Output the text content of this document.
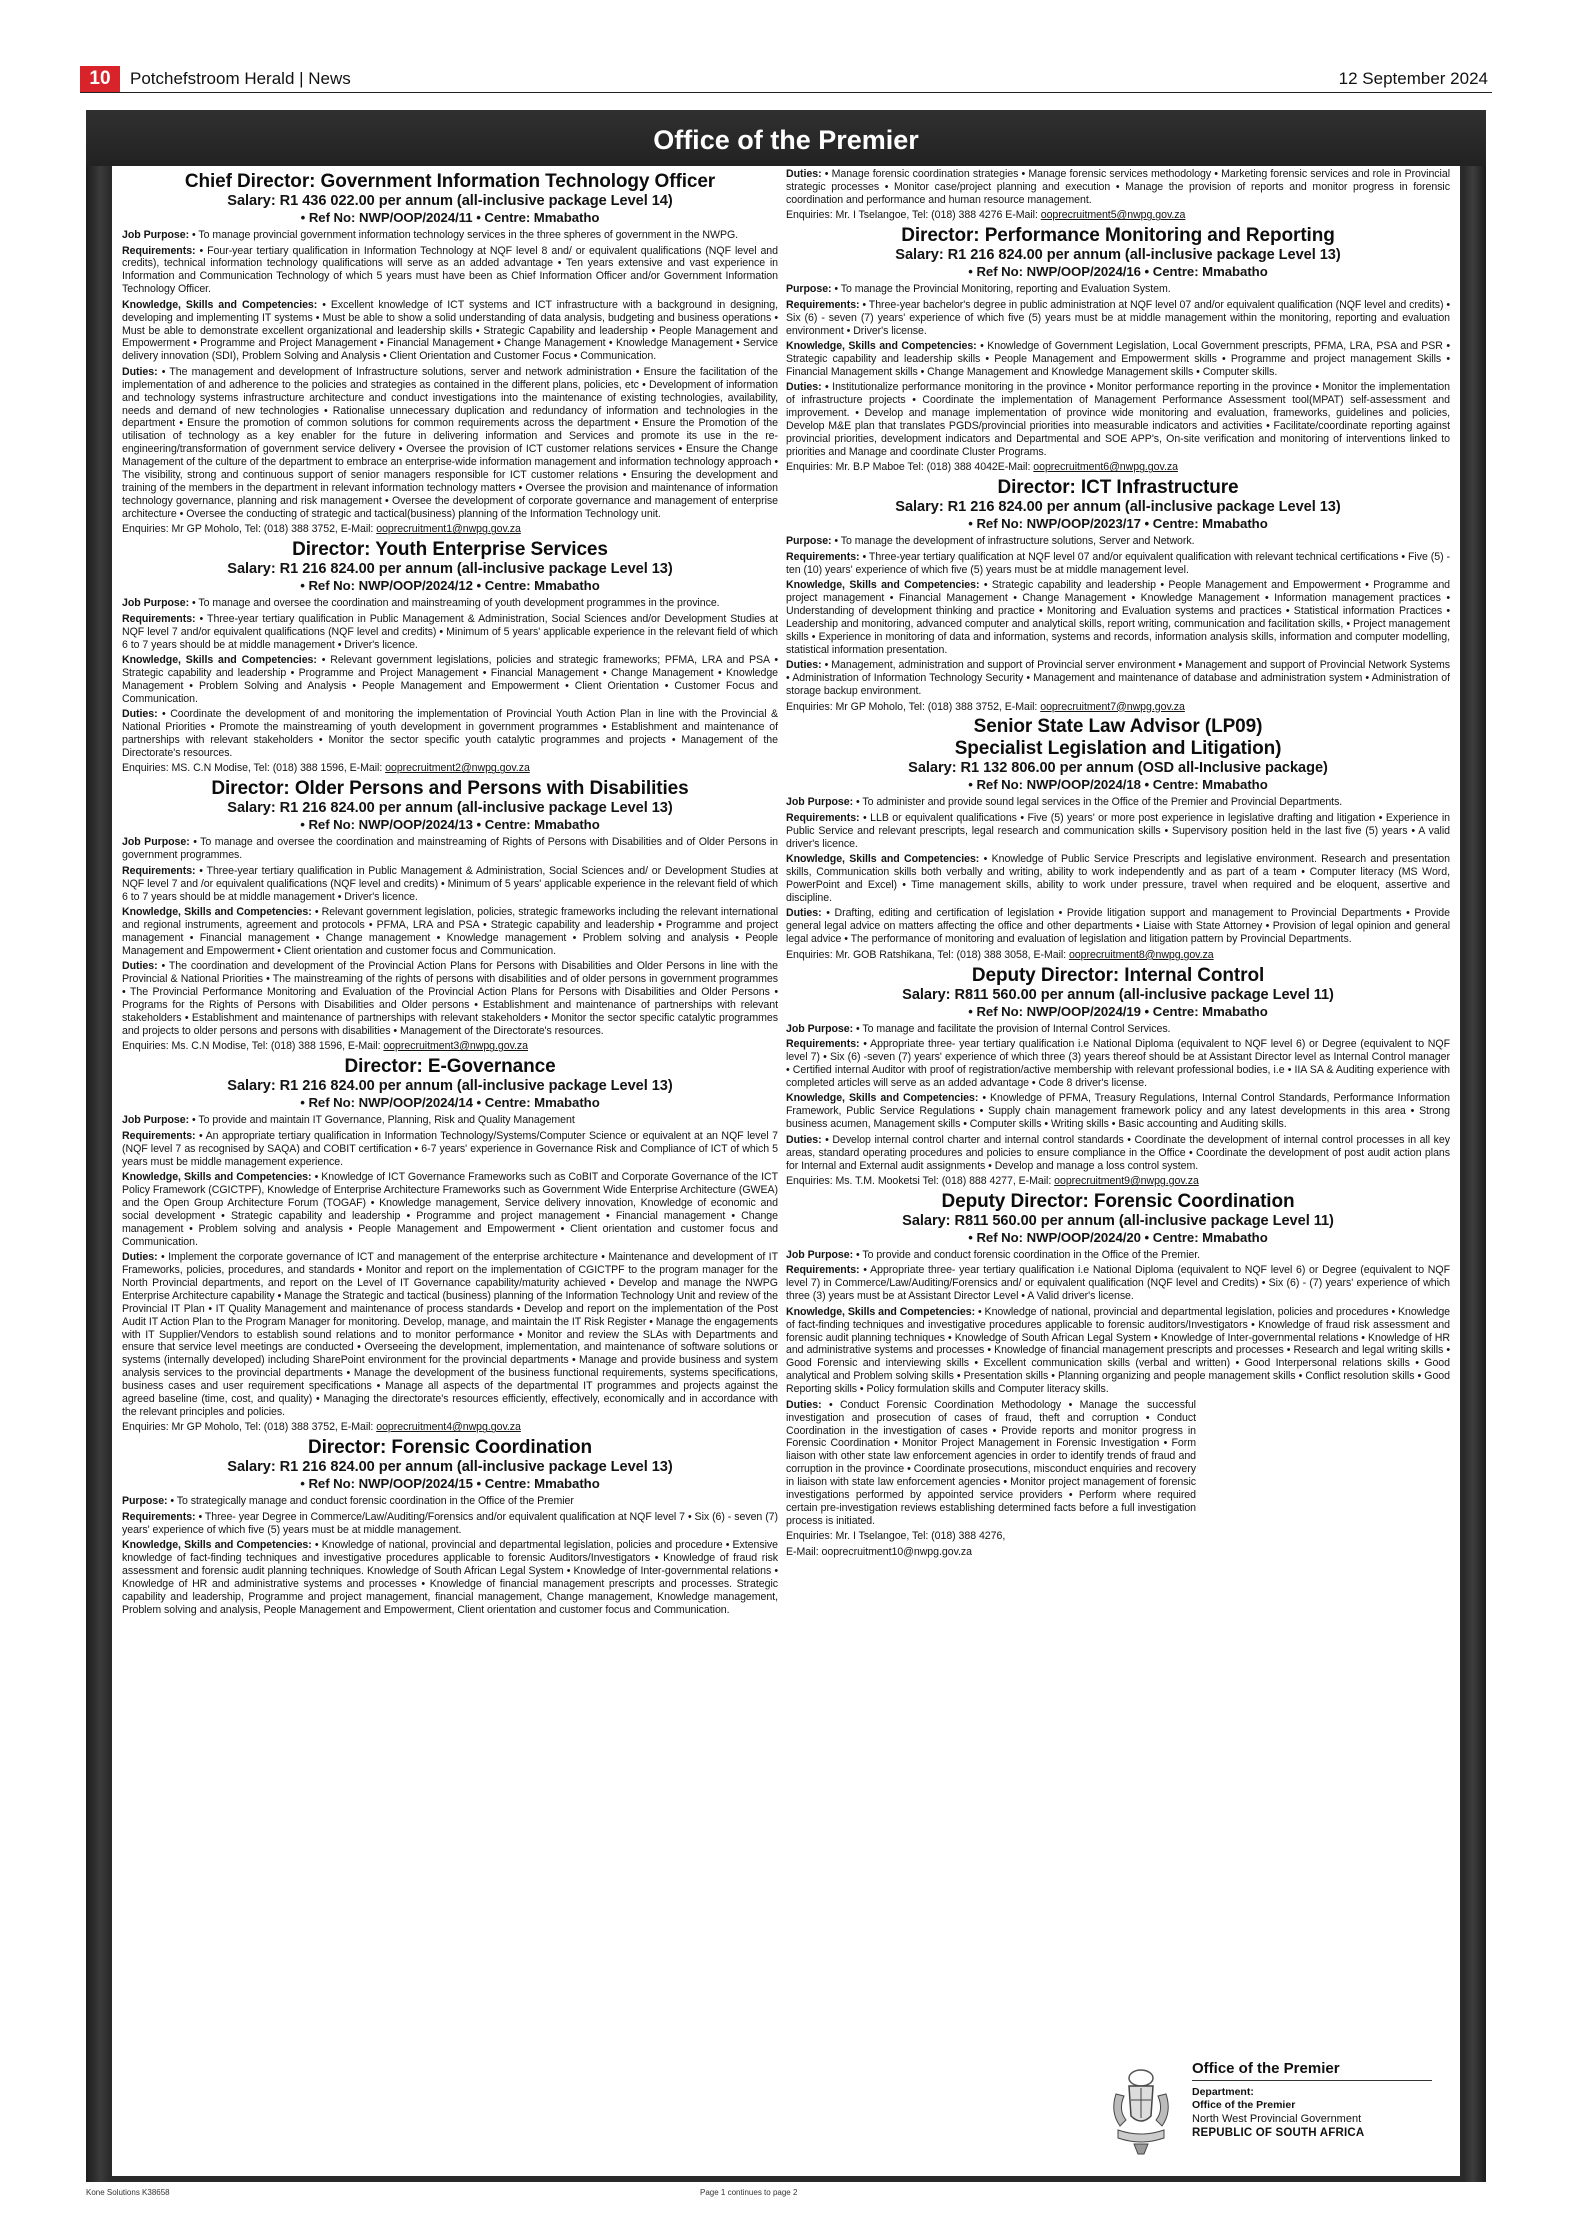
10	Potchefstroom Herald | News	12 September 2024
Office of the Premier
Chief Director: Government Information Technology Officer

Salary: R1 436 022.00 per annum (all-inclusive package Level 14)

• Ref No: NWP/OOP/2024/11 • Centre: Mmabatho

Job Purpose: • To manage provincial government information technology services in the three spheres of government in the NWPG.

Requirements: • Four-year tertiary qualification in Information Technology at NQF level 8 and/ or equivalent qualifications (NQF level and credits), technical information technology qualifications will serve as an added advantage • Ten years extensive and vast experience in Information and Communication Technology of which 5 years must have been as Chief Information Officer and/or Government Information Technology Officer.

Knowledge, Skills and Competencies: • Excellent knowledge of ICT systems and ICT infrastructure with a background in designing, developing and implementing IT systems • Must be able to show a solid understanding of data analysis, budgeting and business operations • Must be able to demonstrate excellent organizational and leadership skills • Strategic Capability and leadership • People Management and Empowerment • Programme and Project Management • Financial Management • Change Management • Knowledge Management • Service delivery innovation (SDI), Problem Solving and Analysis • Client Orientation and Customer Focus • Communication.

Duties: • The management and development of Infrastructure solutions, server and network administration • Ensure the facilitation of the implementation of and adherence to the policies and strategies as contained in the different plans, policies, etc • Development of information and technology systems infrastructure architecture and conduct investigations into the maintenance of existing technologies, availability, needs and demand of new technologies • Rationalise unnecessary duplication and redundancy of information and technologies in the department • Ensure the promotion of common solutions for common requirements across the department • Ensure the Promotion of the utilisation of technology as a key enabler for the future in delivering information and Services and promote its use in the re-engineering/transformation of government service delivery • Oversee the provision of ICT customer relations services • Ensure the Change Management of the culture of the department to embrace an enterprise-wide information management and information technology approach • The visibility, strong and continuous support of senior managers responsible for ICT customer relations • Ensuring the development and training of the members in the department in relevant information technology matters • Oversee the provision and maintenance of information technology governance, planning and risk management • Oversee the development of corporate governance and management of enterprise architecture • Oversee the conducting of strategic and tactical(business) planning of the Information Technology unit.

Enquiries: Mr GP Moholo, Tel: (018) 388 3752, E-Mail: ooprecruitment1@nwpg.gov.za

Director: Youth Enterprise Services

Salary: R1 216 824.00 per annum (all-inclusive package Level 13)

• Ref No: NWP/OOP/2024/12 • Centre: Mmabatho

Job Purpose: • To manage and oversee the coordination and mainstreaming of youth development programmes in the province.

Requirements: • Three-year tertiary qualification in Public Management & Administration, Social Sciences and/or Development Studies at NQF level 7 and/or equivalent qualifications (NQF level and credits) • Minimum of 5 years' applicable experience in the relevant field of which 6 to 7 years should be at middle management • Driver's licence.

Knowledge, Skills and Competencies: • Relevant government legislations, policies and strategic frameworks; PFMA, LRA and PSA • Strategic capability and leadership • Programme and Project Management • Financial Management • Change Management • Knowledge Management • Problem Solving and Analysis • People Management and Empowerment • Client Orientation • Customer Focus and Communication.

Duties: • Coordinate the development of and monitoring the implementation of Provincial Youth Action Plan in line with the Provincial & National Priorities • Promote the mainstreaming of youth development in government programmes • Establishment and maintenance of partnerships with relevant stakeholders • Monitor the sector specific youth catalytic programmes and projects • Management of the Directorate's resources.

Enquiries: MS. C.N Modise, Tel: (018) 388 1596, E-Mail: ooprecruitment2@nwpg.gov.za

Director: Older Persons and Persons with Disabilities

Salary: R1 216 824.00 per annum (all-inclusive package Level 13)

• Ref No: NWP/OOP/2024/13 • Centre: Mmabatho

Job Purpose: • To manage and oversee the coordination and mainstreaming of Rights of Persons with Disabilities and of Older Persons in government programmes.

Requirements: • Three-year tertiary qualification in Public Management & Administration, Social Sciences and/ or Development Studies at NQF level 7 and /or equivalent qualifications (NQF level and credits) • Minimum of 5 years' applicable experience in the relevant field of which 6 to 7 years should be at middle management • Driver's licence.

Knowledge, Skills and Competencies: • Relevant government legislation, policies, strategic frameworks including the relevant international and regional instruments, agreement and protocols • PFMA, LRA and PSA • Strategic capability and leadership • Programme and project management • Financial management • Change management • Knowledge management • Problem solving and analysis • People Management and Empowerment • Client orientation and customer focus and Communication.

Duties: • The coordination and development of the Provincial Action Plans for Persons with Disabilities and Older Persons in line with the Provincial & National Priorities • The mainstreaming of the rights of persons with disabilities and of older persons in government programmes • The Provincial Performance Monitoring and Evaluation of the Provincial Action Plans for Persons with Disabilities and Older Persons • Programs for the Rights of Persons with Disabilities and Older persons • Establishment and maintenance of partnerships with relevant stakeholders • Establishment and maintenance of partnerships with relevant stakeholders • Monitor the sector specific catalytic programmes and projects to older persons and persons with disabilities • Management of the Directorate's resources.

Enquiries: Ms. C.N Modise, Tel: (018) 388 1596, E-Mail: ooprecruitment3@nwpg.gov.za

Director: E-Governance

Salary: R1 216 824.00 per annum (all-inclusive package Level 13)

• Ref No: NWP/OOP/2024/14 • Centre: Mmabatho

Job Purpose: • To provide and maintain IT Governance, Planning, Risk and Quality Management

Requirements: • An appropriate tertiary qualification in Information Technology/Systems/Computer Science or equivalent at an NQF level 7 (NQF level 7 as recognised by SAQA) and COBIT certification • 6-7 years' experience in Governance Risk and Compliance of ICT of which 5 years must be middle management experience.

Knowledge, Skills and Competencies: • Knowledge of ICT Governance Frameworks such as CoBIT and Corporate Governance of the ICT Policy Framework (CGICTPF), Knowledge of Enterprise Architecture Frameworks such as Government Wide Enterprise Architecture (GWEA) and the Open Group Architecture Forum (TOGAF) • Knowledge management, Service delivery innovation, Knowledge of economic and social development • Strategic capability and leadership • Programme and project management • Financial management • Change management • Problem solving and analysis • People Management and Empowerment • Client orientation and customer focus and Communication.

Duties: • Implement the corporate governance of ICT and management of the enterprise architecture • Maintenance and development of IT Frameworks, policies, procedures, and standards • Monitor and report on the implementation of CGICTPF to the program manager for the North Provincial departments, and report on the Level of IT Governance capability/maturity achieved • Develop and manage the NWPG Enterprise Architecture capability • Manage the Strategic and tactical (business) planning of the Information Technology Unit and review of the Provincial IT Plan • IT Quality Management and maintenance of process standards • Develop and report on the implementation of the Post Audit IT Action Plan to the Program Manager for monitoring. Develop, manage, and maintain the IT Risk Register • Manage the engagements with IT Supplier/Vendors to establish sound relations and to monitor performance • Monitor and review the SLAs with Departments and ensure that service level meetings are conducted • Overseeing the development, implementation, and maintenance of software solutions or systems (internally developed) including SharePoint environment for the provincial departments • Manage and provide business and system analysis services to the provincial departments • Manage the development of the business functional requirements, systems specifications, business cases and user requirement specifications • Manage all aspects of the departmental IT programmes and projects against the agreed baseline (time, cost, and quality) • Managing the directorate's resources efficiently, effectively, economically and in accordance with the relevant principles and policies.

Enquiries: Mr GP Moholo, Tel: (018) 388 3752, E-Mail: ooprecruitment4@nwpg.gov.za

Director: Forensic Coordination

Salary: R1 216 824.00 per annum (all-inclusive package Level 13)

• Ref No: NWP/OOP/2024/15 • Centre: Mmabatho

Purpose: • To strategically manage and conduct forensic coordination in the Office of the Premier

Requirements: • Three- year Degree in Commerce/Law/Auditing/Forensics and/or equivalent qualification at NQF level 7 • Six (6) - seven (7) years' experience of which five (5) years must be at middle management.

Knowledge, Skills and Competencies: • Knowledge of national, provincial and departmental legislation, policies and procedure • Extensive knowledge of fact-finding techniques and investigative procedures applicable to forensic Auditors/Investigators • Knowledge of fraud risk assessment and forensic audit planning techniques. Knowledge of South African Legal System • Knowledge of Inter-governmental relations • Knowledge of HR and administrative systems and processes • Knowledge of financial management prescripts and processes. Strategic capability and leadership, Programme and project management, financial management, Change management, Knowledge management, Problem solving and analysis, People Management and Empowerment, Client orientation and customer focus and Communication.

Duties: • Manage forensic coordination strategies • Manage forensic services methodology • Marketing forensic services and role in Provincial strategic processes • Monitor case/project planning and execution • Manage the provision of reports and monitor progress in forensic coordination and performance and human resource management.

Enquiries: Mr. I Tselangoe, Tel: (018) 388 4276 E-Mail: ooprecruitment5@nwpg.gov.za

Director: Performance Monitoring and Reporting

Salary: R1 216 824.00 per annum (all-inclusive package Level 13)

• Ref No: NWP/OOP/2024/16 • Centre: Mmabatho

Purpose: • To manage the Provincial Monitoring, reporting and Evaluation System.

Requirements: • Three-year bachelor's degree in public administration at NQF level 07 and/or equivalent qualification (NQF level and credits) • Six (6) - seven (7) years' experience of which five (5) years must be at middle management within the monitoring, reporting and evaluation environment • Driver's license.

Knowledge, Skills and Competencies: • Knowledge of Government Legislation, Local Government prescripts, PFMA, LRA, PSA and PSR • Strategic capability and leadership skills • People Management and Empowerment skills • Programme and project management Skills • Financial Management skills • Change Management and Knowledge Management skills • Computer skills.

Duties: • Institutionalize performance monitoring in the province • Monitor performance reporting in the province • Monitor the implementation of infrastructure projects • Coordinate the implementation of Management Performance Assessment tool(MPAT) self-assessment and improvement. • Develop and manage implementation of province wide monitoring and evaluation, frameworks, guidelines and policies, Develop M&E plan that translates PGDS/provincial priorities into measurable indicators and activities • Facilitate/coordinate reporting against provincial priorities, development indicators and Departmental and SOE APP's, On-site verification and monitoring of interventions linked to priorities and Manage and coordinate Cluster Programs.

Enquiries: Mr. B.P Maboe Tel: (018) 388 4042E-Mail: ooprecruitment6@nwpg.gov.za

Director: ICT Infrastructure

Salary: R1 216 824.00 per annum (all-inclusive package Level 13)

• Ref No: NWP/OOP/2023/17 • Centre: Mmabatho

Purpose: • To manage the development of infrastructure solutions, Server and Network.

Requirements: • Three-year tertiary qualification at NQF level 07 and/or equivalent qualification with relevant technical certifications • Five (5) - ten (10) years' experience of which five (5) years must be at middle management level.

Knowledge, Skills and Competencies: • Strategic capability and leadership • People Management and Empowerment • Programme and project management • Financial Management • Change Management • Knowledge Management • Information management practices • Understanding of development thinking and practice • Monitoring and Evaluation systems and practices • Statistical information Practices • Leadership and monitoring, advanced computer and analytical skills, report writing, communication and facilitation skills, • Project management skills • Experience in monitoring of data and information, systems and records, information analysis skills, information and computer modelling, statistical information presentation.

Duties: • Management, administration and support of Provincial server environment • Management and support of Provincial Network Systems • Administration of Information Technology Security • Management and maintenance of database and administration system • Administration of storage backup environment.

Enquiries: Mr GP Moholo, Tel: (018) 388 3752, E-Mail: ooprecruitment7@nwpg.gov.za

Senior State Law Advisor (LP09)
Specialist Legislation and Litigation)

Salary: R1 132 806.00 per annum (OSD all-Inclusive package)

• Ref No: NWP/OOP/2024/18 • Centre: Mmabatho

Job Purpose: • To administer and provide sound legal services in the Office of the Premier and Provincial Departments.

Requirements: • LLB or equivalent qualifications • Five (5) years' or more post experience in legislative drafting and litigation • Experience in Public Service and relevant prescripts, legal research and communication skills • Supervisory position held in the last five (5) years • A valid driver's licence.

Knowledge, Skills and Competencies: • Knowledge of Public Service Prescripts and legislative environment. Research and presentation skills, Communication skills both verbally and writing, ability to work independently and as part of a team • Computer literacy (MS Word, PowerPoint and Excel) • Time management skills, ability to work under pressure, travel when required and be eloquent, assertive and discipline.

Duties: • Drafting, editing and certification of legislation • Provide litigation support and management to Provincial Departments • Provide general legal advice on matters affecting the office and other departments • Liaise with State Attorney • Provision of legal opinion and general legal advice • The performance of monitoring and evaluation of legislation and litigation pattern by Provincial Departments.

Enquiries: Mr. GOB Ratshikana, Tel: (018) 388 3058, E-Mail: ooprecruitment8@nwpg.gov.za

Deputy Director: Internal Control

Salary: R811 560.00 per annum (all-inclusive package Level 11)

• Ref No: NWP/OOP/2024/19 • Centre: Mmabatho

Job Purpose: • To manage and facilitate the provision of Internal Control Services.

Requirements: • Appropriate three- year tertiary qualification i.e National Diploma (equivalent to NQF level 6) or Degree (equivalent to NQF level 7) • Six (6) -seven (7) years' experience of which three (3) years thereof should be at Assistant Director level as Internal Control manager • Certified internal Auditor with proof of registration/active membership with relevant professional bodies, i.e • IIA SA & Auditing experience with completed articles will serve as an added advantage • Code 8 driver's license.

Knowledge, Skills and Competencies: • Knowledge of PFMA, Treasury Regulations, Internal Control Standards, Performance Information Framework, Public Service Regulations • Supply chain management framework policy and any latest developments in this area • Strong business acumen, Management skills • Computer skills • Writing skills • Basic accounting and Auditing skills.

Duties: • Develop internal control charter and internal control standards • Coordinate the development of internal control processes in all key areas, standard operating procedures and policies to ensure compliance in the Office • Coordinate the development of post audit action plans for Internal and External audit assignments • Develop and manage a loss control system.

Enquiries: Ms. T.M. Mooketsi Tel: (018) 888 4277, E-Mail: ooprecruitment9@nwpg.gov.za

Deputy Director: Forensic Coordination

Salary: R811 560.00 per annum (all-inclusive package Level 11)

• Ref No: NWP/OOP/2024/20 • Centre: Mmabatho

Job Purpose: • To provide and conduct forensic coordination in the Office of the Premier.

Requirements: • Appropriate three- year tertiary qualification i.e National Diploma (equivalent to NQF level 6) or Degree (equivalent to NQF level 7) in Commerce/Law/Auditing/Forensics and/ or equivalent qualification (NQF level and Credits) • Six (6) - (7) years' experience of which three (3) years must be at Assistant Director Level • A Valid driver's license.

Knowledge, Skills and Competencies: • Knowledge of national, provincial and departmental legislation, policies and procedures • Knowledge of fact-finding techniques and investigative procedures applicable to forensic auditors/Investigators • Knowledge of fraud risk assessment and forensic audit planning techniques • Knowledge of South African Legal System • Knowledge of Inter-governmental relations • Knowledge of HR and administrative systems and processes • Knowledge of financial management prescripts and processes • Research and legal writing skills • Good Forensic and interviewing skills • Excellent communication skills (verbal and written) • Good Interpersonal relations skills • Good analytical and Problem solving skills • Presentation skills • Planning organizing and people management skills • Conflict resolution skills • Good Reporting skills • Policy formulation skills and Computer literacy skills.

Duties: • Conduct Forensic Coordination Methodology • Manage the successful investigation and prosecution of cases of fraud, theft and corruption • Conduct Coordination in the investigation of cases • Provide reports and monitor progress in Forensic Coordination • Monitor Project Management in Forensic Investigation • Form liaison with other state law enforcement agencies in order to identify trends of fraud and corruption in the province • Coordinate prosecutions, misconduct enquiries and recovery in liaison with state law enforcement agencies • Monitor project management of forensic investigations performed by appointed service providers • Perform where required certain pre-investigation reviews establishing determined facts before a full investigation process is initiated.

Enquiries: Mr. I Tselangoe, Tel: (018) 388 4276,

E-Mail: ooprecruitment10@nwpg.gov.za

Office of the Premier
Department:
Office of the Premier
North West Provincial Government
REPUBLIC OF SOUTH AFRICA
Kone Solutions K38658	Page 1 continues to page 2
